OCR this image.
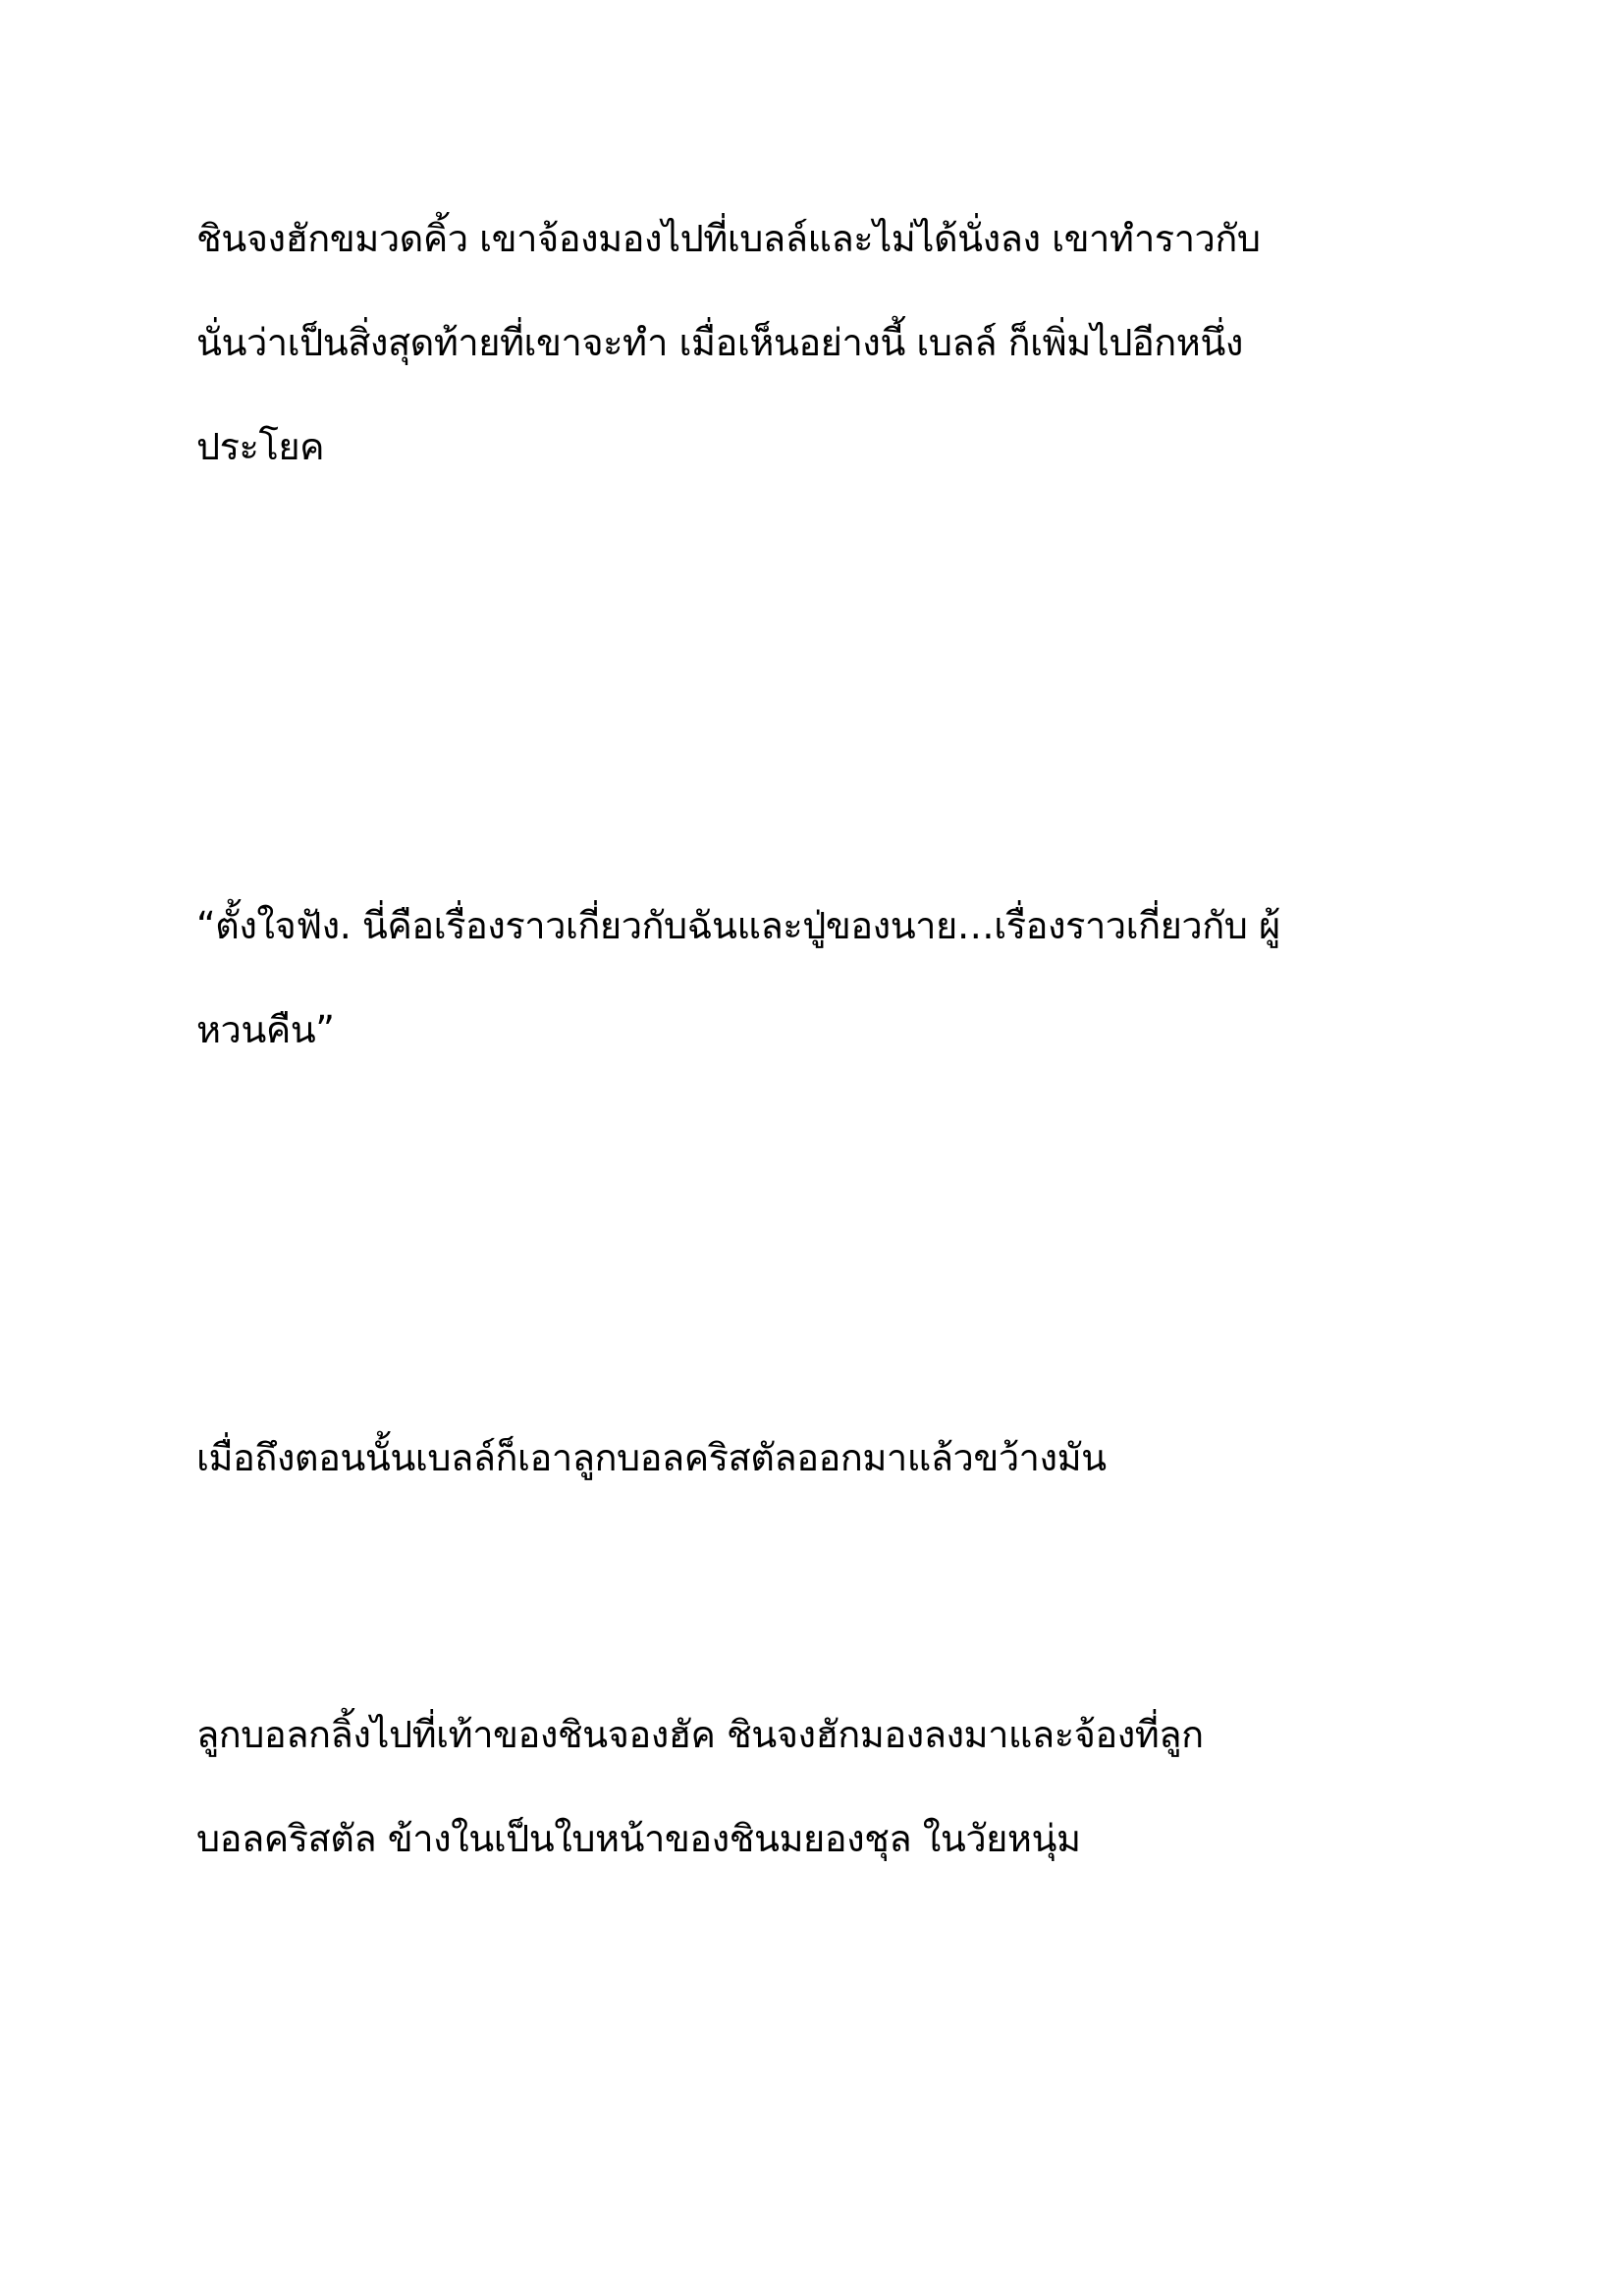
ชินจงฮักขมวดคิ้ว เขาจ้องมองไปที่เบลล์และไม่ได้นั่งลง เขาทำราวกับ
นั่นว่าเป็นสิ่งสุดท้ายที่เขาจะทำ เมื่อเห็นอย่างนี้ เบลล์ ก็เพิ่มไปอีกหนึ่ง
ประโยค

“ตั้งใจฟัง. นี่คือเรื่องราวเกี่ยวกับฉันและปู่ของนาย…เรื่องราวเกี่ยวกับ ผู้
หวนคืน”

เมื่อถึงตอนนั้นเบลล์ก็เอาลูกบอลคริสตัลออกมาแล้วขว้างมัน

ลูกบอลกลิ้งไปที่เท้าของชินจองฮัค ชินจงฮักมองลงมาและจ้องที่ลูก
บอลคริสตัล ข้างในเป็นใบหน้าของชินมยองชุล ในวัยหนุ่ม
